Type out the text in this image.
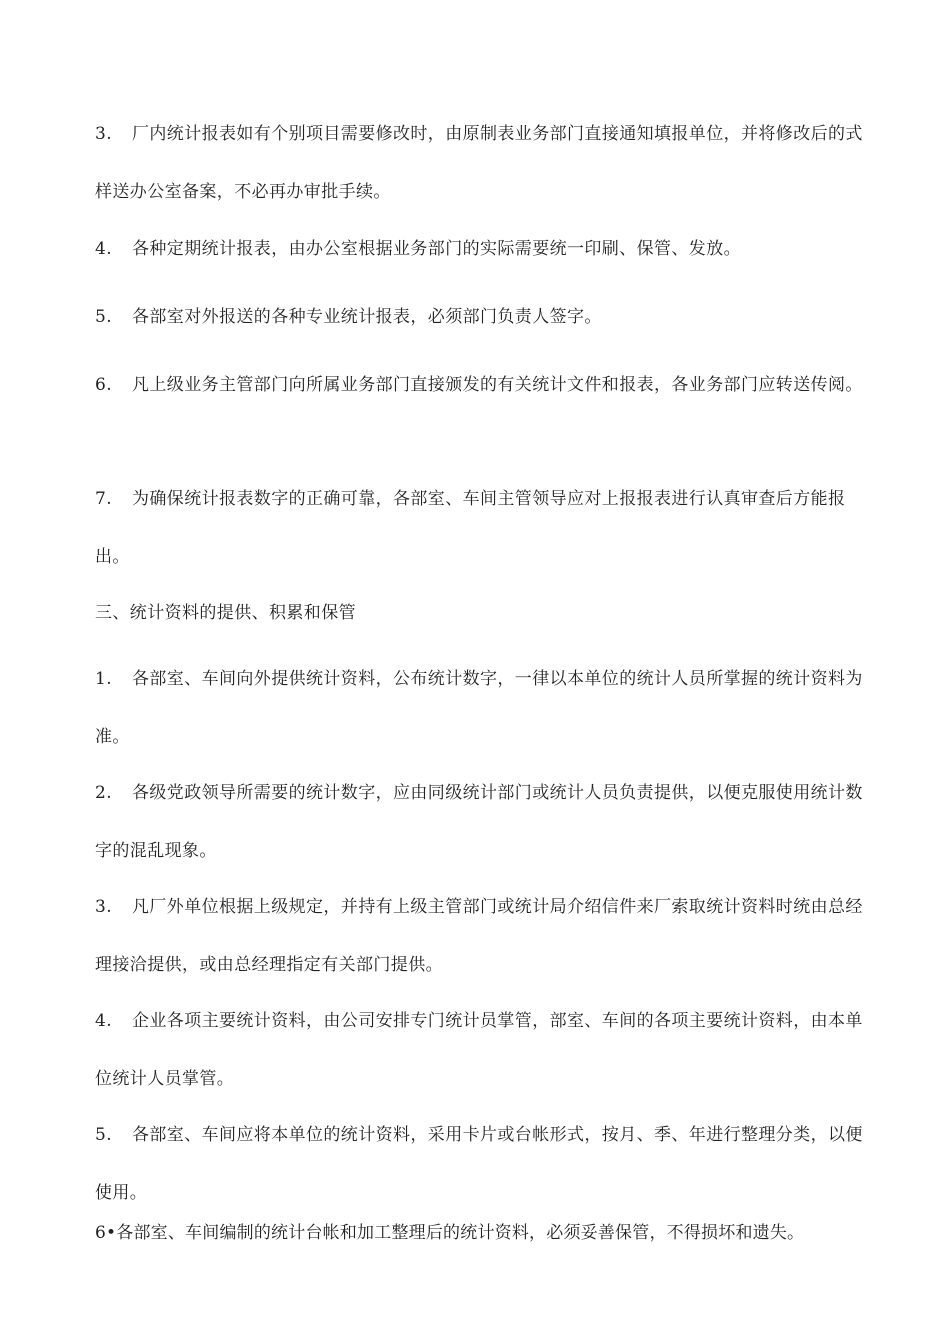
3. 厂内统计报表如有个别项目需要修改时，由原制表业务部门直接通知填报单位，并将修改后的式样送办公室备案，不必再办审批手续。
4. 各种定期统计报表，由办公室根据业务部门的实际需要统一印刷、保管、发放。
5. 各部室对外报送的各种专业统计报表，必须部门负责人签字。
6. 凡上级业务主管部门向所属业务部门直接颁发的有关统计文件和报表，各业务部门应转送传阅。
7. 为确保统计报表数字的正确可靠，各部室、车间主管领导应对上报报表进行认真审查后方能报出。
三、统计资料的提供、积累和保管
1. 各部室、车间向外提供统计资料，公布统计数字，一律以本单位的统计人员所掌握的统计资料为准。
2. 各级党政领导所需要的统计数字，应由同级统计部门或统计人员负责提供，以便克服使用统计数字的混乱现象。
3. 凡厂外单位根据上级规定，并持有上级主管部门或统计局介绍信件来厂索取统计资料时统由总经理接洽提供，或由总经理指定有关部门提供。
4. 企业各项主要统计资料，由公司安排专门统计员掌管，部室、车间的各项主要统计资料，由本单位统计人员掌管。
5. 各部室、车间应将本单位的统计资料，采用卡片或台帐形式，按月、季、年进行整理分类，以便使用。
6•各部室、车间编制的统计台帐和加工整理后的统计资料，必须妥善保管，不得损坏和遗失。
